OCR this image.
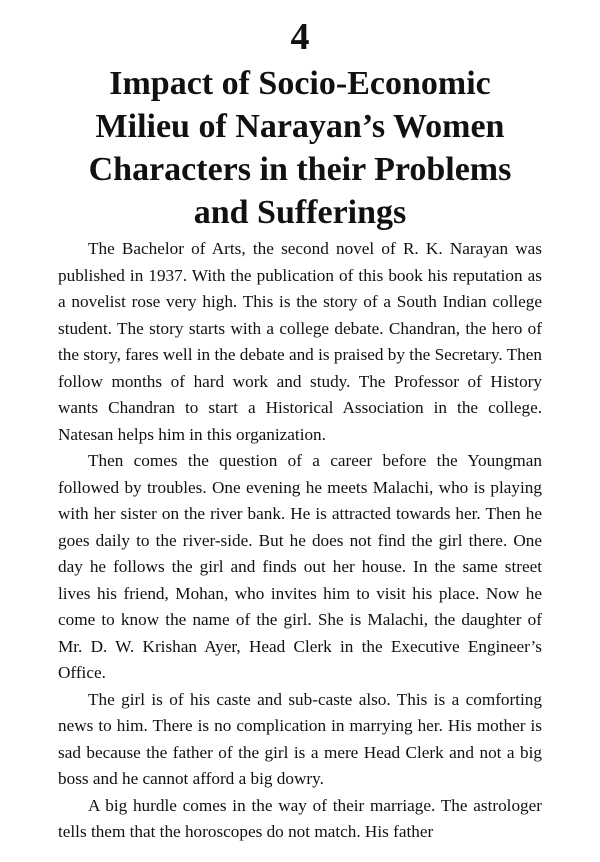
4
Impact of Socio-Economic
Milieu of Narayan’s Women
Characters in their Problems
and Sufferings

The Bachelor of Arts, the second novel of R. K. Narayan was published in 1937. With the publication of this book his reputation as a novelist rose very high. This is the story of a South Indian college student. The story starts with a college debate. Chandran, the hero of the story, fares well in the debate and is praised by the Secretary. Then follow months of hard work and study. The Professor of History wants Chandran to start a Historical Association in the college. Natesan helps him in this organization.

Then comes the question of a career before the Youngman followed by troubles. One evening he meets Malachi, who is playing with her sister on the river bank. He is attracted towards her. Then he goes daily to the river-side. But he does not find the girl there. One day he follows the girl and finds out her house. In the same street lives his friend, Mohan, who invites him to visit his place. Now he come to know the name of the girl. She is Malachi, the daughter of Mr. D. W. Krishan Ayer, Head Clerk in the Executive Engineer’s Office.

The girl is of his caste and sub-caste also. This is a comforting news to him. There is no complication in marrying her. His mother is sad because the father of the girl is a mere Head Clerk and not a big boss and he cannot afford a big dowry.

A big hurdle comes in the way of their marriage. The astrologer tells them that the horoscopes do not match. His father
